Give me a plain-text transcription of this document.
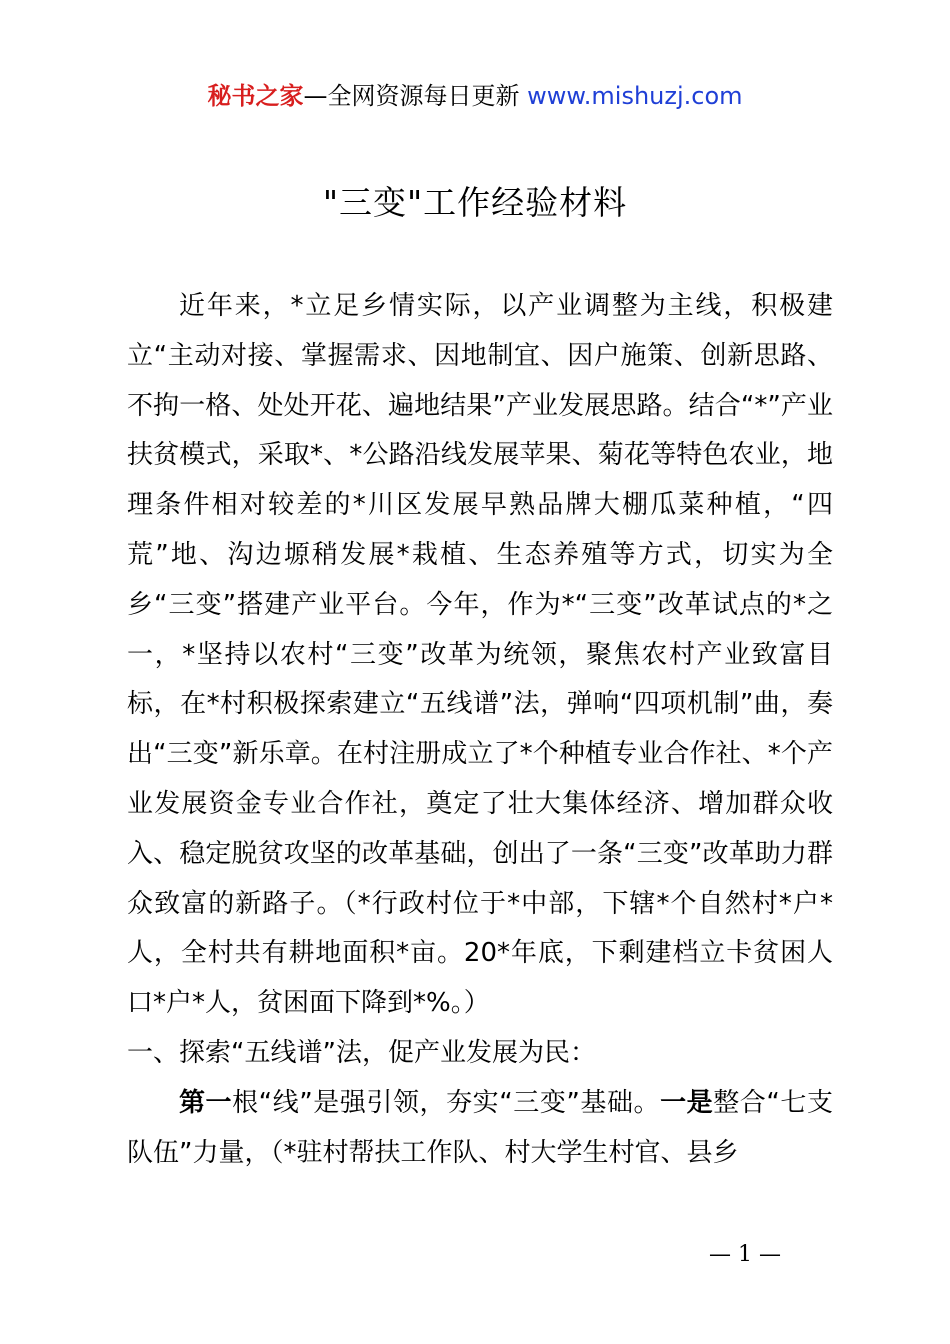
秘书之家—全网资源每日更新 www.mishuzj.com
"三变"工作经验材料

近年来，*立足乡情实际，以产业调整为主线，积极建立“主动对接、掌握需求、因地制宜、因户施策、创新思路、不拘一格、处处开花、遍地结果”产业发展思路。结合“*”产业扶贫模式，采取*、*公路沿线发展苹果、菊花等特色农业，地理条件相对较差的*川区发展早熟品牌大棚瓜菜种植，“四荒”地、沟边塬稍发展*栽植、生态养殖等方式，切实为全乡“三变”搭建产业平台。今年，作为*“三变”改革试点的*之一，*坚持以农村“三变”改革为统领，聚焦农村产业致富目标，在*村积极探索建立“五线谱”法，弹响“四项机制”曲，奏出“三变”新乐章。在村注册成立了*个种植专业合作社、*个产业发展资金专业合作社，奠定了壮大集体经济、增加群众收入、稳定脱贫攻坚的改革基础，创出了一条“三变”改革助力群众致富的新路子。（*行政村位于*中部，下辖*个自然村*户*人，全村共有耕地面积*亩。20*年底，下剩建档立卡贫困人口*户*人，贫困面下降到*%。）

一、探索“五线谱”法，促产业发展为民：

第一根“线”是强引领，夯实“三变”基础。一是整合“七支队伍”力量，（*驻村帮扶工作队、村大学生村官、县乡

— 1 —
